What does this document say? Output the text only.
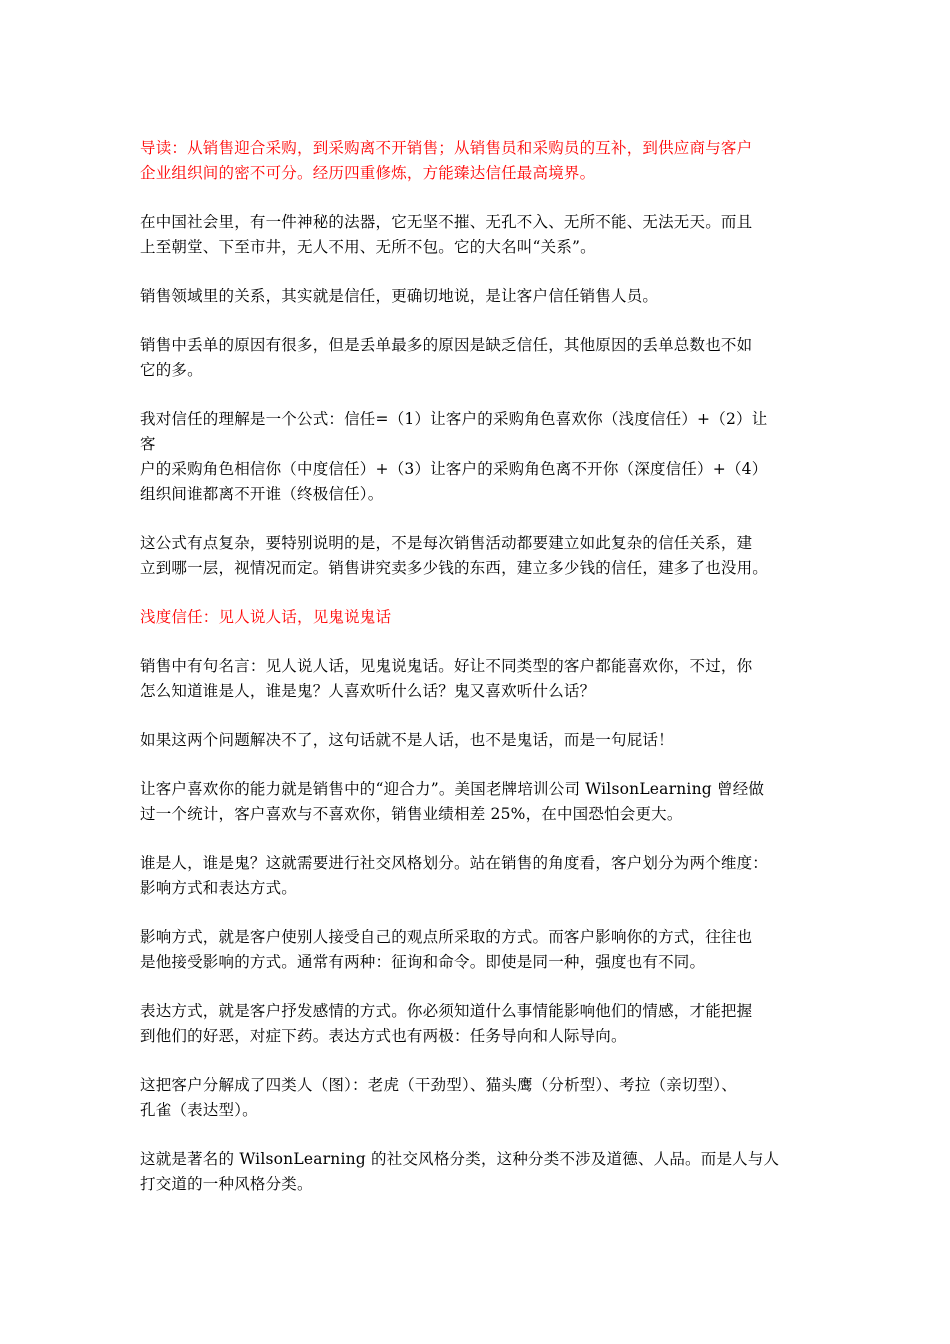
导读：从销售迎合采购，到采购离不开销售；从销售员和采购员的互补，到供应商与客户
企业组织间的密不可分。经历四重修炼，方能臻达信任最高境界。

在中国社会里，有一件神秘的法器，它无坚不摧、无孔不入、无所不能、无法无天。而且
上至朝堂、下至市井，无人不用、无所不包。它的大名叫“关系”。

销售领域里的关系，其实就是信任，更确切地说，是让客户信任销售人员。

销售中丢单的原因有很多，但是丢单最多的原因是缺乏信任，其他原因的丢单总数也不如
它的多。

我对信任的理解是一个公式：信任=（1）让客户的采购角色喜欢你（浅度信任）+（2）让
客
户的采购角色相信你（中度信任）+（3）让客户的采购角色离不开你（深度信任）+（4）
组织间谁都离不开谁（终极信任）。

这公式有点复杂，要特别说明的是，不是每次销售活动都要建立如此复杂的信任关系，建
立到哪一层，视情况而定。销售讲究卖多少钱的东西，建立多少钱的信任，建多了也没用。

浅度信任：见人说人话，见鬼说鬼话

销售中有句名言：见人说人话，见鬼说鬼话。好让不同类型的客户都能喜欢你，不过，你
怎么知道谁是人，谁是鬼？人喜欢听什么话？鬼又喜欢听什么话？

如果这两个问题解决不了，这句话就不是人话，也不是鬼话，而是一句屁话！

让客户喜欢你的能力就是销售中的“迎合力”。美国老牌培训公司 WilsonLearning 曾经做
过一个统计，客户喜欢与不喜欢你，销售业绩相差 25%，在中国恐怕会更大。

谁是人，谁是鬼？这就需要进行社交风格划分。站在销售的角度看，客户划分为两个维度：
影响方式和表达方式。

影响方式，就是客户使别人接受自己的观点所采取的方式。而客户影响你的方式，往往也
是他接受影响的方式。通常有两种：征询和命令。即使是同一种，强度也有不同。

表达方式，就是客户抒发感情的方式。你必须知道什么事情能影响他们的情感，才能把握
到他们的好恶，对症下药。表达方式也有两极：任务导向和人际导向。

这把客户分解成了四类人（图）：老虎（干劲型）、猫头鹰（分析型）、考拉（亲切型）、
孔雀（表达型）。

这就是著名的 WilsonLearning 的社交风格分类，这种分类不涉及道德、人品。而是人与人
打交道的一种风格分类。
